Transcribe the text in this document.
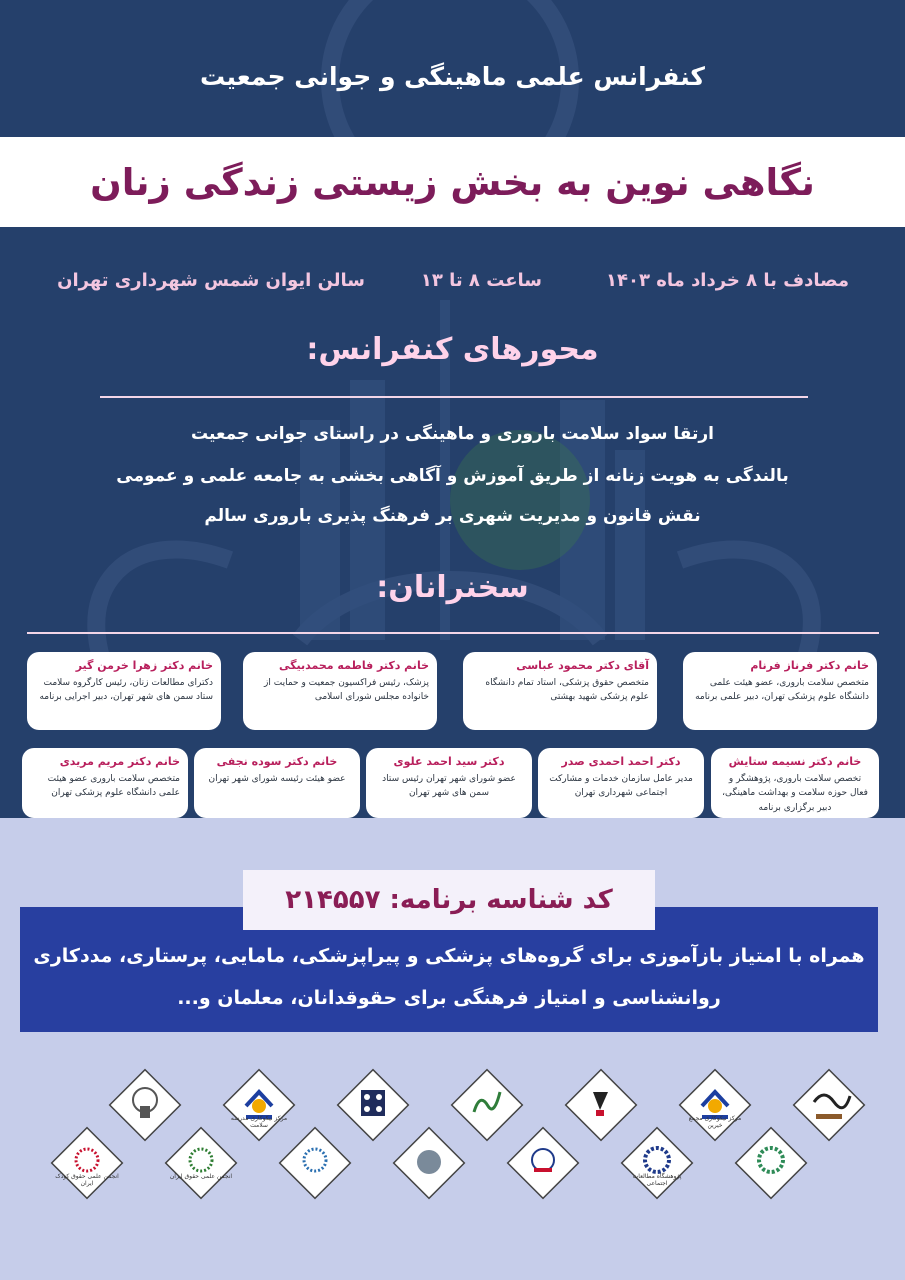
کنفرانس علمی ماهینگی و جوانی جمعیت
نگاهی نوین به بخش زیستی زندگی زنان
مصادف با ۸ خرداد ماه ۱۴۰۳
ساعت ۸ تا ۱۳
سالن ایوان شمس شهرداری تهران
محورهای کنفرانس:
ارتقا سواد سلامت باروری و ماهینگی در راستای جوانی جمعیت
بالندگی به هویت زنانه از طریق آموزش و آگاهی بخشی به جامعه علمی و عمومی
نقش قانون و مدیریت شهری بر فرهنگ پذیری باروری سالم
سخنرانان:
خانم دکتر فرناز فرنام
متخصص سلامت باروری، عضو هیئت علمی دانشگاه علوم پزشکی تهران، دبیر علمی برنامه
آقای دکتر محمود عباسی
متخصص حقوق پزشکی، استاد تمام دانشگاه علوم پزشکی شهید بهشتی
خانم دکتر فاطمه محمدبیگی
پزشک، رئیس فراکسیون جمعیت و حمایت از خانواده مجلس شورای اسلامی
خانم دکتر زهرا خرمن گیر
دکترای مطالعات زنان، رئیس کارگروه سلامت ستاد سمن های شهر تهران، دبیر اجرایی برنامه
خانم دکتر نسیمه ستایش
تخصص سلامت باروری، پژوهشگر و فعال حوزه سلامت و بهداشت ماهینگی، دبیر برگزاری برنامه
دکتر احمد احمدی صدر
مدیر عامل سازمان خدمات و مشارکت اجتماعی شهرداری تهران
دکتر سید احمد علوی
عضو شورای شهر تهران رئیس ستاد سمن های شهر تهران
خانم دکتر سوده نجفی
عضو هیئت رئیسه شورای شهر تهران
خانم دکتر مریم مریدی
متخصص سلامت باروری عضو هیئت علمی دانشگاه علوم پزشکی تهران
همراه با امتیاز بازآموزی برای گروه‌های پزشکی و پیراپزشکی، مامایی، پرستاری، مددکاری
روانشناسی و امتیاز فرهنگی برای حقوقدانان، معلمان و...
کد شناسه برنامه: ۲۱۴۵۵۷
مرکز نیکوکاری مجمع خیرین
مرکز نیکوکاری مدرسه سلامت
پژوهشگاه مطالعات اجتماعی
انجمن علمی حقوق ایران
انجمن علمی حقوق کودک ایران
